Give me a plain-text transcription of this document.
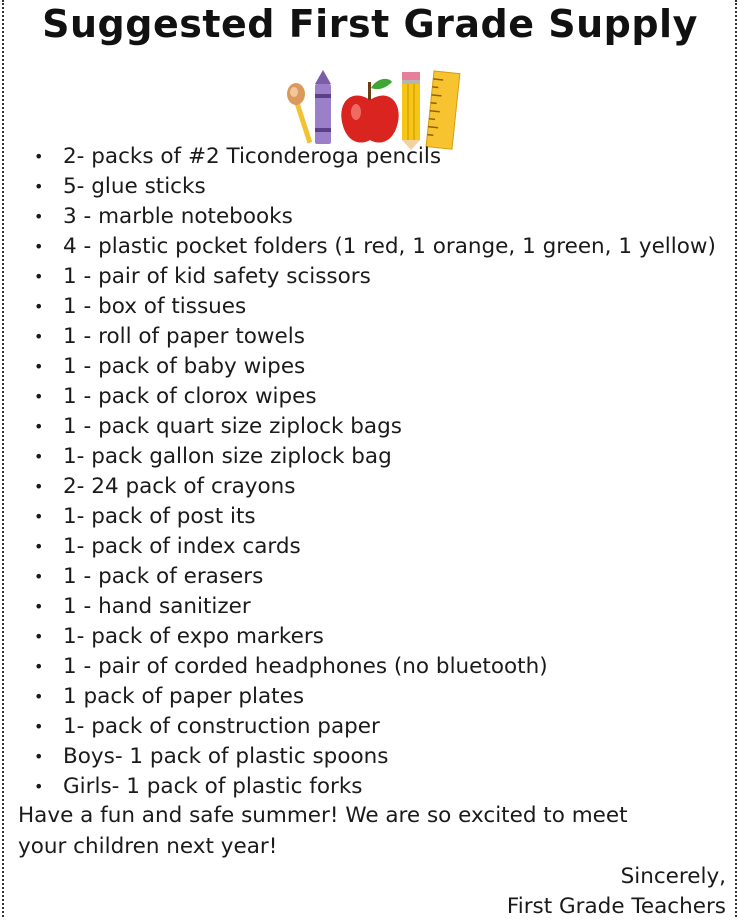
Suggested First Grade Supply
• 2- packs of #2 Ticonderoga pencils
• 5- glue sticks
• 3 - marble notebooks
• 4 - plastic pocket folders (1 red, 1 orange, 1 green, 1 yellow)
• 1 - pair of kid safety scissors
• 1 - box of tissues
• 1 - roll of paper towels
• 1 - pack of baby wipes
• 1 - pack of clorox wipes
• 1 - pack quart size ziplock bags
• 1- pack gallon size ziplock bag
• 2- 24 pack of crayons
• 1- pack of post its
• 1- pack of index cards
• 1 - pack of erasers
• 1 - hand sanitizer
• 1- pack of expo markers
• 1 - pair of corded headphones (no bluetooth)
• 1 pack of paper plates
• 1- pack of construction paper
• Boys- 1 pack of plastic spoons
• Girls- 1 pack of plastic forks
Have a fun and safe summer! We are so excited to meet
your children next year!
Sincerely,
First Grade Teachers
